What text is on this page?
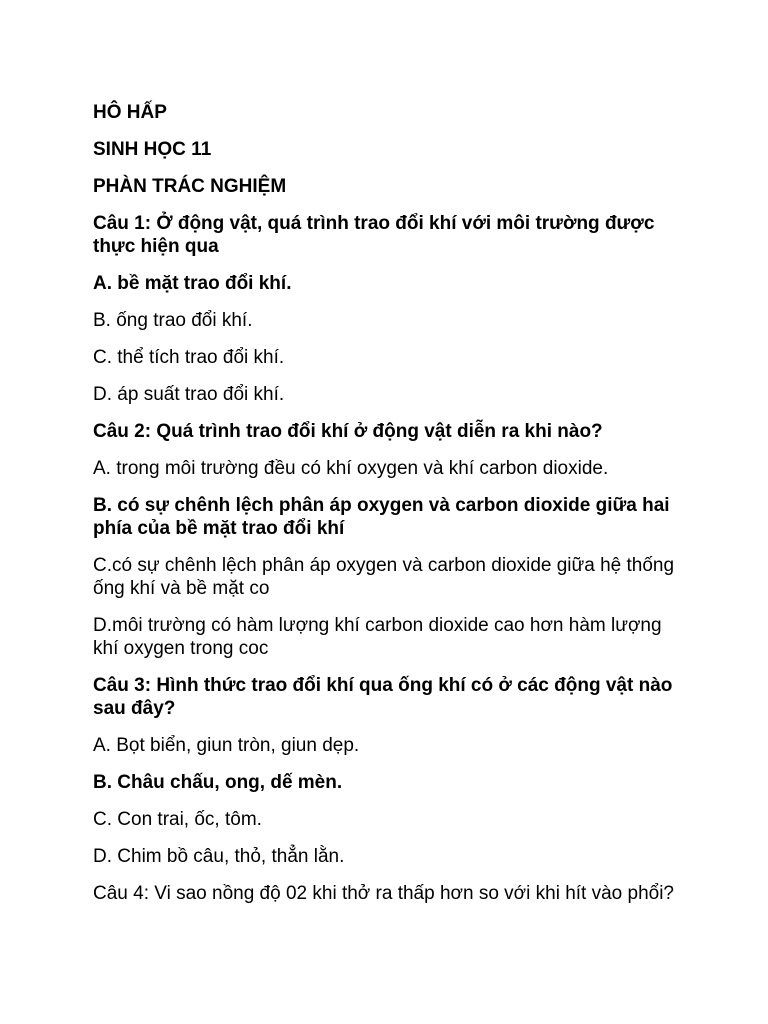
HÔ HẤP

SINH HỌC 11

PHÀN TRÁC NGHIỆM

Câu 1: Ở động vật, quá trình trao đổi khí với môi trường được thực hiện qua

A. bề mặt trao đổi khí.

B. ống trao đổi khí.

C. thể tích trao đổi khí.

D. áp suất trao đổi khí.

Câu 2: Quá trình trao đổi khí ở động vật diễn ra khi nào?

A. trong môi trường đều có khí oxygen và khí carbon dioxide.

B. có sự chênh lệch phân áp oxygen và carbon dioxide giữa hai phía của bề mặt trao đổi khí

C.có sự chênh lệch phân áp oxygen và carbon dioxide giữa hệ thống ống khí và bề mặt co

D.môi trường có hàm lượng khí carbon dioxide cao hơn hàm lượng khí oxygen trong coc

Câu 3: Hình thức trao đổi khí qua ống khí có ở các động vật nào sau đây?

A. Bọt biển, giun tròn, giun dẹp.

B. Châu chấu, ong, dế mèn.

C. Con trai, ốc, tôm.

D. Chim bồ câu, thỏ, thẳn lằn.

Câu 4: Vi sao nồng độ 02 khi thở ra thấp hơn so với khi hít vào phổi?
